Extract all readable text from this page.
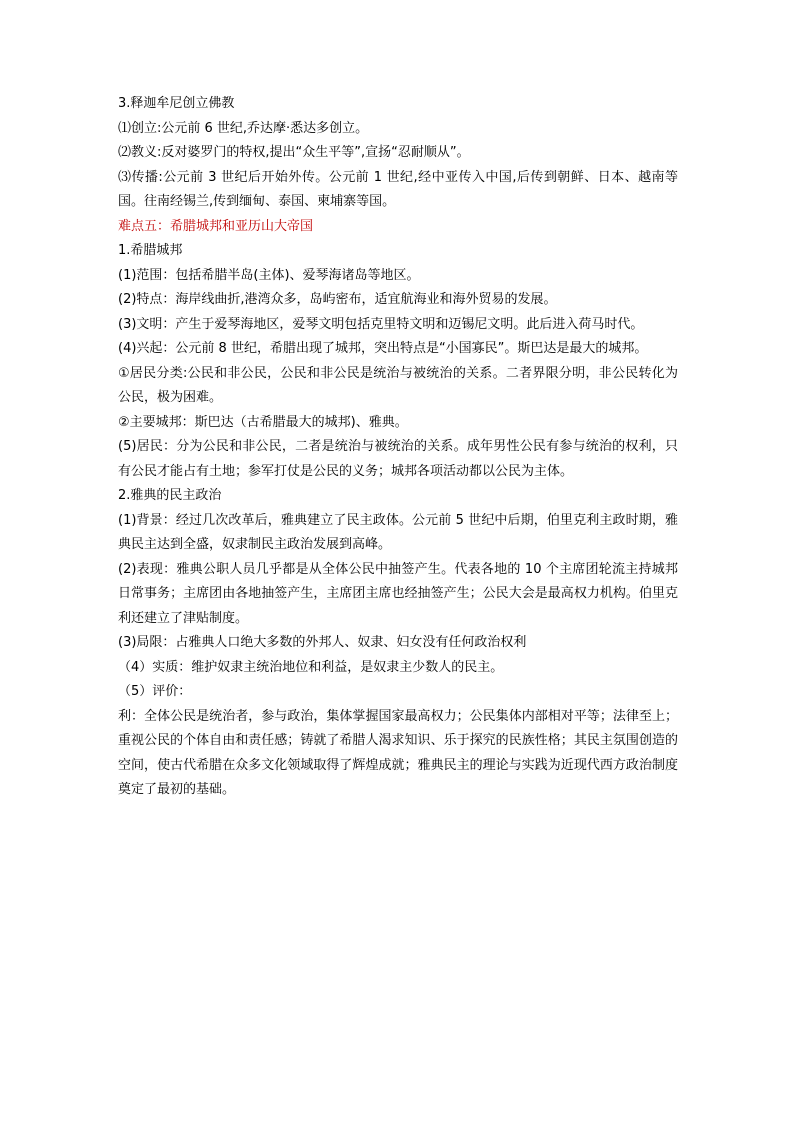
3.释迦牟尼创立佛教

⑴创立:公元前 6 世纪,乔达摩·悉达多创立。

⑵教义:反对婆罗门的特权,提出“众生平等”,宣扬“忍耐顺从”。

⑶传播:公元前 3 世纪后开始外传。公元前 1 世纪,经中亚传入中国,后传到朝鲜、日本、越南等国。往南经锡兰,传到缅甸、泰国、柬埔寨等国。

难点五：希腊城邦和亚历山大帝国

1.希腊城邦

(1)范围：包括希腊半岛(主体)、爱琴海诸岛等地区。

(2)特点：海岸线曲折,港湾众多，岛屿密布，适宜航海业和海外贸易的发展。

(3)文明：产生于爱琴海地区，爱琴文明包括克里特文明和迈锡尼文明。此后进入荷马时代。

(4)兴起：公元前 8 世纪，希腊出现了城邦，突出特点是“小国寡民”。斯巴达是最大的城邦。

①居民分类:公民和非公民，公民和非公民是统治与被统治的关系。二者界限分明，非公民转化为公民，极为困难。

②主要城邦：斯巴达（古希腊最大的城邦)、雅典。

(5)居民：分为公民和非公民，二者是统治与被统治的关系。成年男性公民有参与统治的权利，只有公民才能占有土地；参军打仗是公民的义务；城邦各项活动都以公民为主体。

2.雅典的民主政治

(1)背景：经过几次改革后，雅典建立了民主政体。公元前 5 世纪中后期，伯里克利主政时期，雅典民主达到全盛，奴隶制民主政治发展到高峰。

(2)表现：雅典公职人员几乎都是从全体公民中抽签产生。代表各地的 10 个主席团轮流主持城邦日常事务；主席团由各地抽签产生，主席团主席也经抽签产生；公民大会是最高权力机构。伯里克利还建立了津贴制度。

(3)局限：占雅典人口绝大多数的外邦人、奴隶、妇女没有任何政治权利

（4）实质：维护奴隶主统治地位和利益，是奴隶主少数人的民主。

（5）评价：

利：全体公民是统治者，参与政治，集体掌握国家最高权力；公民集体内部相对平等；法律至上；重视公民的个体自由和责任感；铸就了希腊人渴求知识、乐于探究的民族性格；其民主氛围创造的空间，使古代希腊在众多文化领域取得了辉煌成就；雅典民主的理论与实践为近现代西方政治制度奠定了最初的基础。
